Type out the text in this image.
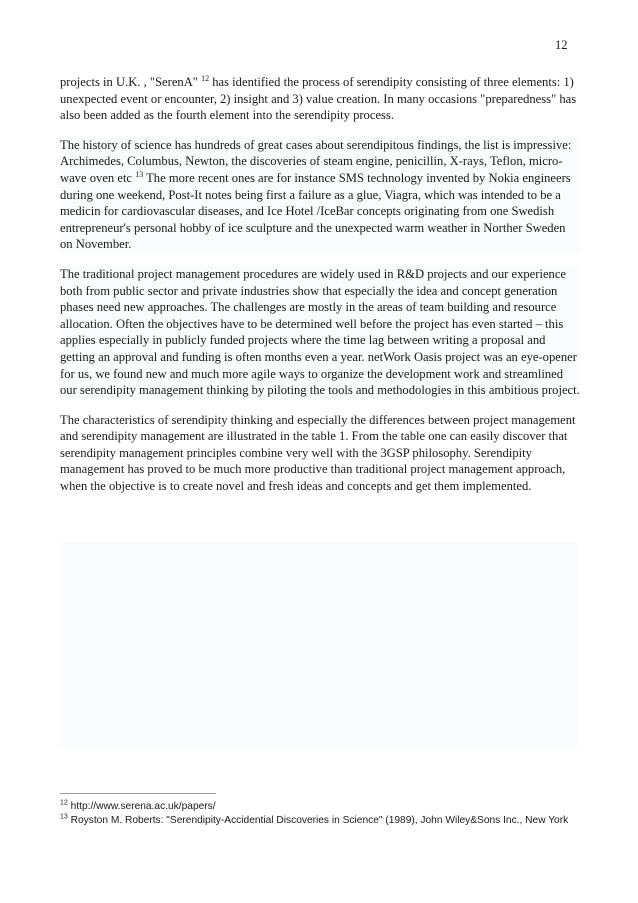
12

projects in U.K. , "SerenA" $^{12}$ has identified the process of serendipity consisting of three elements: 1) unexpected event or encounter, 2) insight and 3) value creation. In many occasions "preparedness" has also been added as the fourth element into the serendipity process.

The history of science has hundreds of great cases about serendipitous findings, the list is impressive: Archimedes, Columbus, Newton, the discoveries of steam engine, penicillin, X-rays, Teflon, micro-wave oven etc $^{13}$ The more recent ones are for instance SMS technology invented by Nokia engineers during one weekend, Post-It notes being first a failure as a glue, Viagra, which was intended to be a medicin for cardiovascular diseases, and Ice Hotel /IceBar concepts originating from one Swedish entrepreneur's personal hobby of ice sculpture and the unexpected warm weather in Norther Sweden on November.

The traditional project management procedures are widely used in R&D projects and our experience both from public sector and private industries show that especially the idea and concept generation phases need new approaches. The challenges are mostly in the areas of team building and resource allocation. Often the objectives have to be determined well before the project has even started – this applies especially in publicly funded projects where the time lag between writing a proposal and getting an approval and funding is often months even a year. netWork Oasis project was an eye-opener for us, we found new and much more agile ways to organize the development work and streamlined our serendipity management thinking by piloting the tools and methodologies in this ambitious project.

The characteristics of serendipity thinking and especially the differences between project management and serendipity management are illustrated in the table 1. From the table one can easily discover that serendipity management principles combine very well with the 3GSP philosophy. Serendipity management has proved to be much more productive than traditional project management approach, when the objective is to create novel and fresh ideas and concepts and get them implemented.

$^{12}$ http://www.serena.ac.uk/papers/

$^{13}$ Royston M. Roberts: "Serendipity-Accidential Discoveries in Science" (1989), John Wiley&Sons Inc., New York
